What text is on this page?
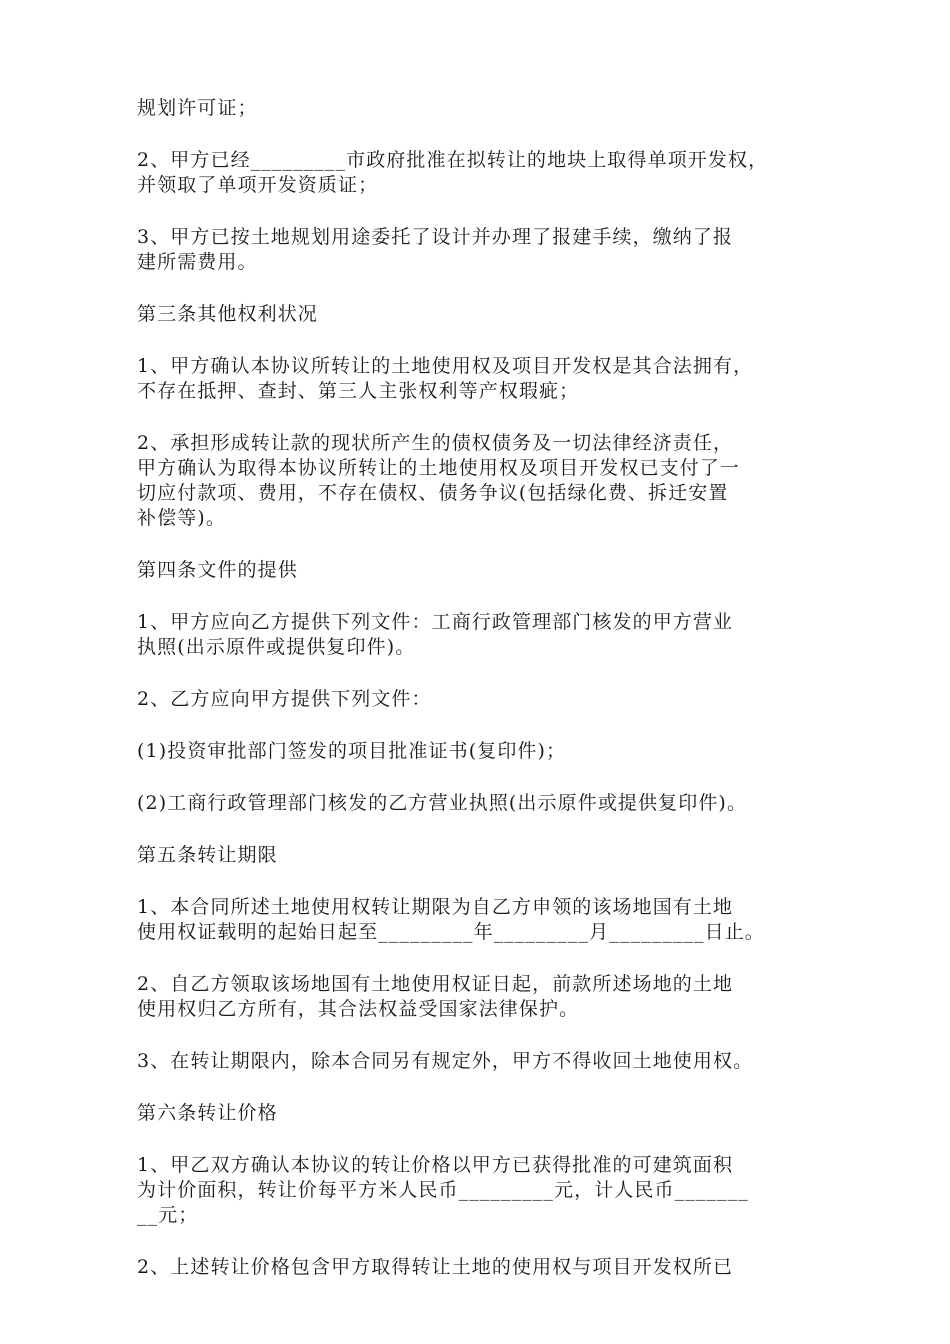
规划许可证；

2、甲方已经_________市政府批准在拟转让的地块上取得单项开发权，
并领取了单项开发资质证；

3、甲方已按土地规划用途委托了设计并办理了报建手续，缴纳了报
建所需费用。

第三条其他权利状况

1、甲方确认本协议所转让的土地使用权及项目开发权是其合法拥有，
不存在抵押、查封、第三人主张权利等产权瑕疵；

2、承担形成转让款的现状所产生的债权债务及一切法律经济责任，
甲方确认为取得本协议所转让的土地使用权及项目开发权已支付了一
切应付款项、费用，不存在债权、债务争议(包括绿化费、拆迁安置
补偿等)。

第四条文件的提供

1、甲方应向乙方提供下列文件：工商行政管理部门核发的甲方营业
执照(出示原件或提供复印件)。

2、乙方应向甲方提供下列文件：

(1)投资审批部门签发的项目批准证书(复印件)；

(2)工商行政管理部门核发的乙方营业执照(出示原件或提供复印件)。

第五条转让期限

1、本合同所述土地使用权转让期限为自乙方申领的该场地国有土地
使用权证载明的起始日起至_________年_________月_________日止。

2、自乙方领取该场地国有土地使用权证日起，前款所述场地的土地
使用权归乙方所有，其合法权益受国家法律保护。

3、在转让期限内，除本合同另有规定外，甲方不得收回土地使用权。

第六条转让价格

1、甲乙双方确认本协议的转让价格以甲方已获得批准的可建筑面积
为计价面积，转让价每平方米人民币_________元，计人民币_______
__元；

2、上述转让价格包含甲方取得转让土地的使用权与项目开发权所已
